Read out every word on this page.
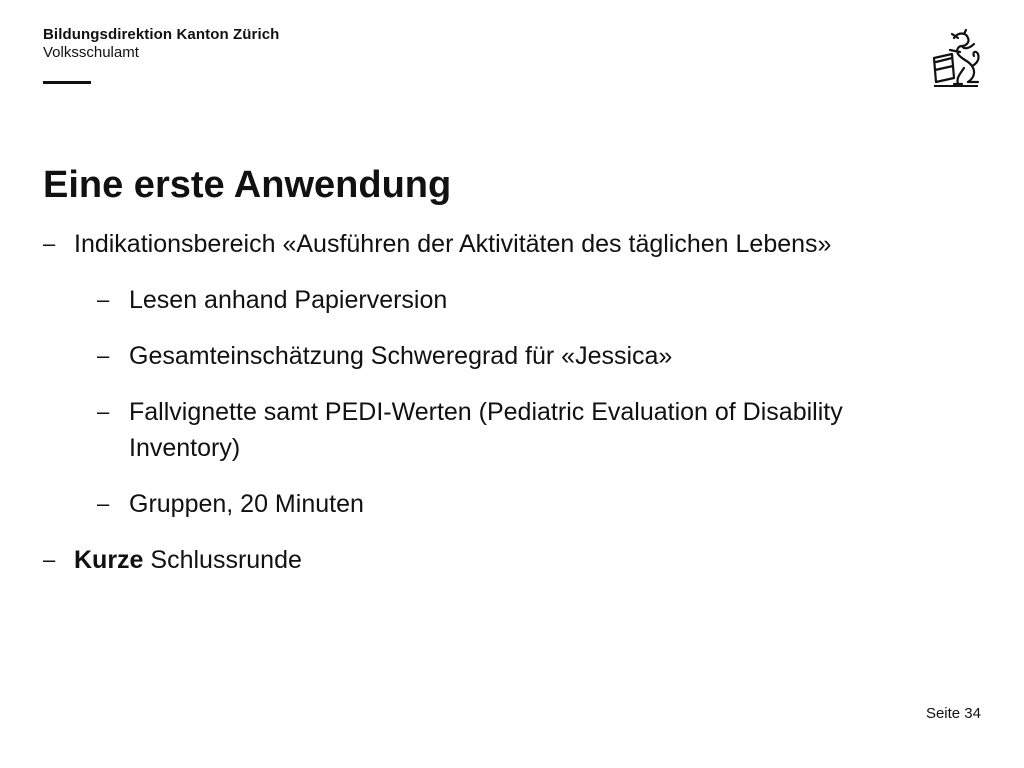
Bildungsdirektion Kanton Zürich
Volksschulamt
Eine erste Anwendung
– Indikationsbereich «Ausführen der Aktivitäten des täglichen Lebens»
– Lesen anhand Papierversion
– Gesamteinschätzung Schweregrad für «Jessica»
– Fallvignette samt PEDI-Werten (Pediatric Evaluation of Disability Inventory)
– Gruppen, 20 Minuten
– Kurze Schlussrunde
Seite 34
